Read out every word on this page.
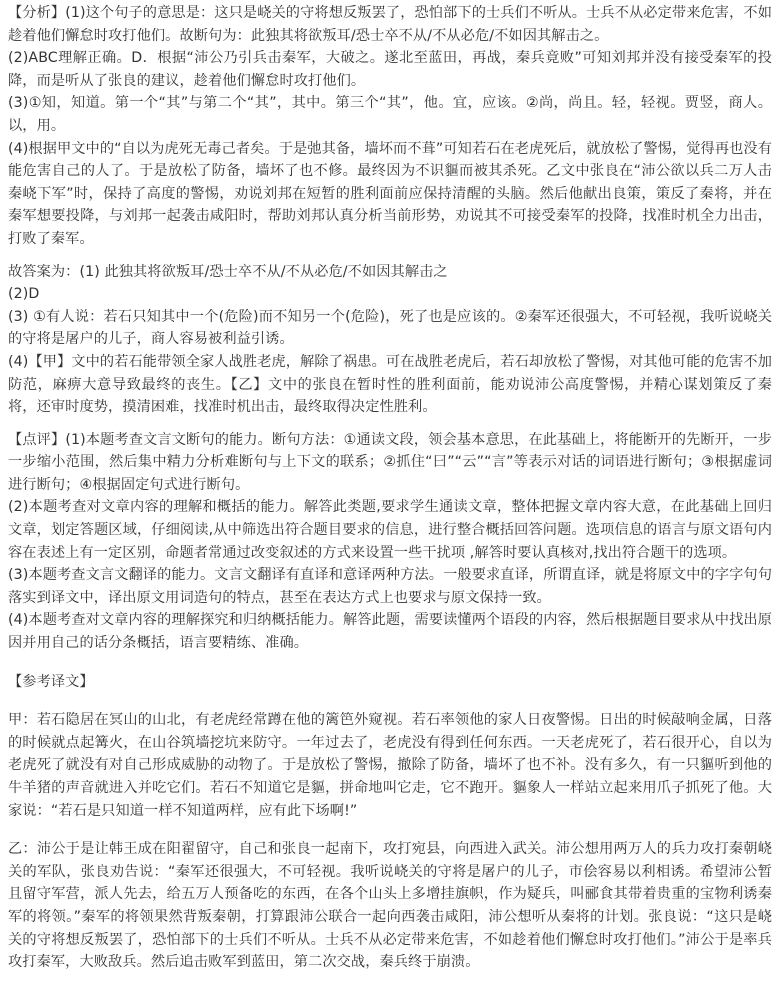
【分析】(1)这个句子的意思是：这只是峣关的守将想反叛罢了，恐怕部下的士兵们不听从。士兵不从必定带来危害，不如趁着他们懈怠时攻打他们。故断句为：此独其将欲叛耳/恐士卒不从/不从必危/不如因其解击之。

(2)ABC理解正确。D．根据“沛公乃引兵击秦军，大破之。遂北至蓝田，再战，秦兵竟败”可知刘邦并没有接受秦军的投降，而是听从了张良的建议，趁着他们懈怠时攻打他们。

(3)①知，知道。第一个“其”与第二个“其”，其中。第三个“其”，他。宜，应该。②尚，尚且。轻，轻视。贾竖，商人。以，用。

(4)根据甲文中的“自以为虎死无毒己者矣。于是弛其备，墙坏而不葺”可知若石在老虎死后，就放松了警惕，觉得再也没有能危害自己的人了。于是放松了防备，墙坏了也不修。最终因为不识貙而被其杀死。乙文中张良在“沛公欲以兵二万人击秦峣下军”时，保持了高度的警惕，劝说刘邦在短暂的胜利面前应保持清醒的头脑。然后他献出良策，策反了秦将，并在秦军想要投降，与刘邦一起袭击咸阳时，帮助刘邦认真分析当前形势，劝说其不可接受秦军的投降，找准时机全力出击，打败了秦军。

故答案为：(1) 此独其将欲叛耳/恐士卒不从/不从必危/不如因其解击之

(2)D

(3) ①有人说：若石只知其中一个(危险)而不知另一个(危险)，死了也是应该的。②秦军还很强大，不可轻视，我听说峣关的守将是屠户的儿子，商人容易被利益引诱。

(4)【甲】文中的若石能带领全家人战胜老虎，解除了祸患。可在战胜老虎后，若石却放松了警惕，对其他可能的危害不加防范，麻痹大意导致最终的丧生。【乙】文中的张良在暂时性的胜利面前，能劝说沛公高度警惕，并精心谋划策反了秦将，还审时度势，摸清困难，找准时机出击，最终取得决定性胜利。

【点评】(1)本题考查文言文断句的能力。断句方法：①通读文段，领会基本意思，在此基础上，将能断开的先断开，一步一步缩小范围，然后集中精力分析难断句与上下文的联系；②抓住“曰”“云”“言”等表示对话的词语进行断句；③根据虚词进行断句；④根据固定句式进行断句。

(2)本题考查对文章内容的理解和概括的能力。解答此类题,要求学生通读文章，整体把握文章内容大意，在此基础上回归文章，划定答题区域，仔细阅读,从中筛选出符合题目要求的信息，进行整合概括回答问题。选项信息的语言与原文语句内容在表述上有一定区别，命题者常通过改变叙述的方式来设置一些干扰项 ,解答时要认真核对,找出符合题干的选项。

(3)本题考查文言文翻译的能力。文言文翻译有直译和意译两种方法。一般要求直译，所谓直译，就是将原文中的字字句句落实到译文中，译出原文用词造句的特点，甚至在表达方式上也要求与原文保持一致。

(4)本题考查对文章内容的理解探究和归纳概括能力。解答此题，需要读懂两个语段的内容，然后根据题目要求从中找出原因并用自己的话分条概括，语言要精练、准确。

【参考译文】

甲：若石隐居在冥山的山北，有老虎经常蹲在他的篱笆外窥视。若石率领他的家人日夜警惕。日出的时候敲响金属，日落的时候就点起篝火，在山谷筑墙挖坑来防守。一年过去了，老虎没有得到任何东西。一天老虎死了，若石很开心，自以为老虎死了就没有对自己形成威胁的动物了。于是放松了警惕，撤除了防备，墙坏了也不补。没有多久，有一只貙听到他的牛羊猪的声音就进入并吃它们。若石不知道它是貙，拼命地叫它走，它不跑开。貙象人一样站立起来用爪子抓死了他。大家说：“若石是只知道一样不知道两样，应有此下场啊!”

乙：沛公于是让韩王成在阳翟留守，自己和张良一起南下，攻打宛县，向西进入武关。沛公想用两万人的兵力攻打秦朝峣关的军队，张良劝告说：“秦军还很强大，不可轻视。我听说峣关的守将是屠户的儿子，市侩容易以利相诱。希望沛公暂且留守军营，派人先去，给五万人预备吃的东西，在各个山头上多增挂旗帜，作为疑兵，叫郦食其带着贵重的宝物利诱秦军的将领。”秦军的将领果然背叛秦朝，打算跟沛公联合一起向西袭击咸阳，沛公想听从秦将的计划。张良说：“这只是峣关的守将想反叛罢了，恐怕部下的士兵们不听从。士兵不从必定带来危害，不如趁着他们懈怠时攻打他们。”沛公于是率兵攻打秦军，大败敌兵。然后追击败军到蓝田，第二次交战，秦兵终于崩溃。
